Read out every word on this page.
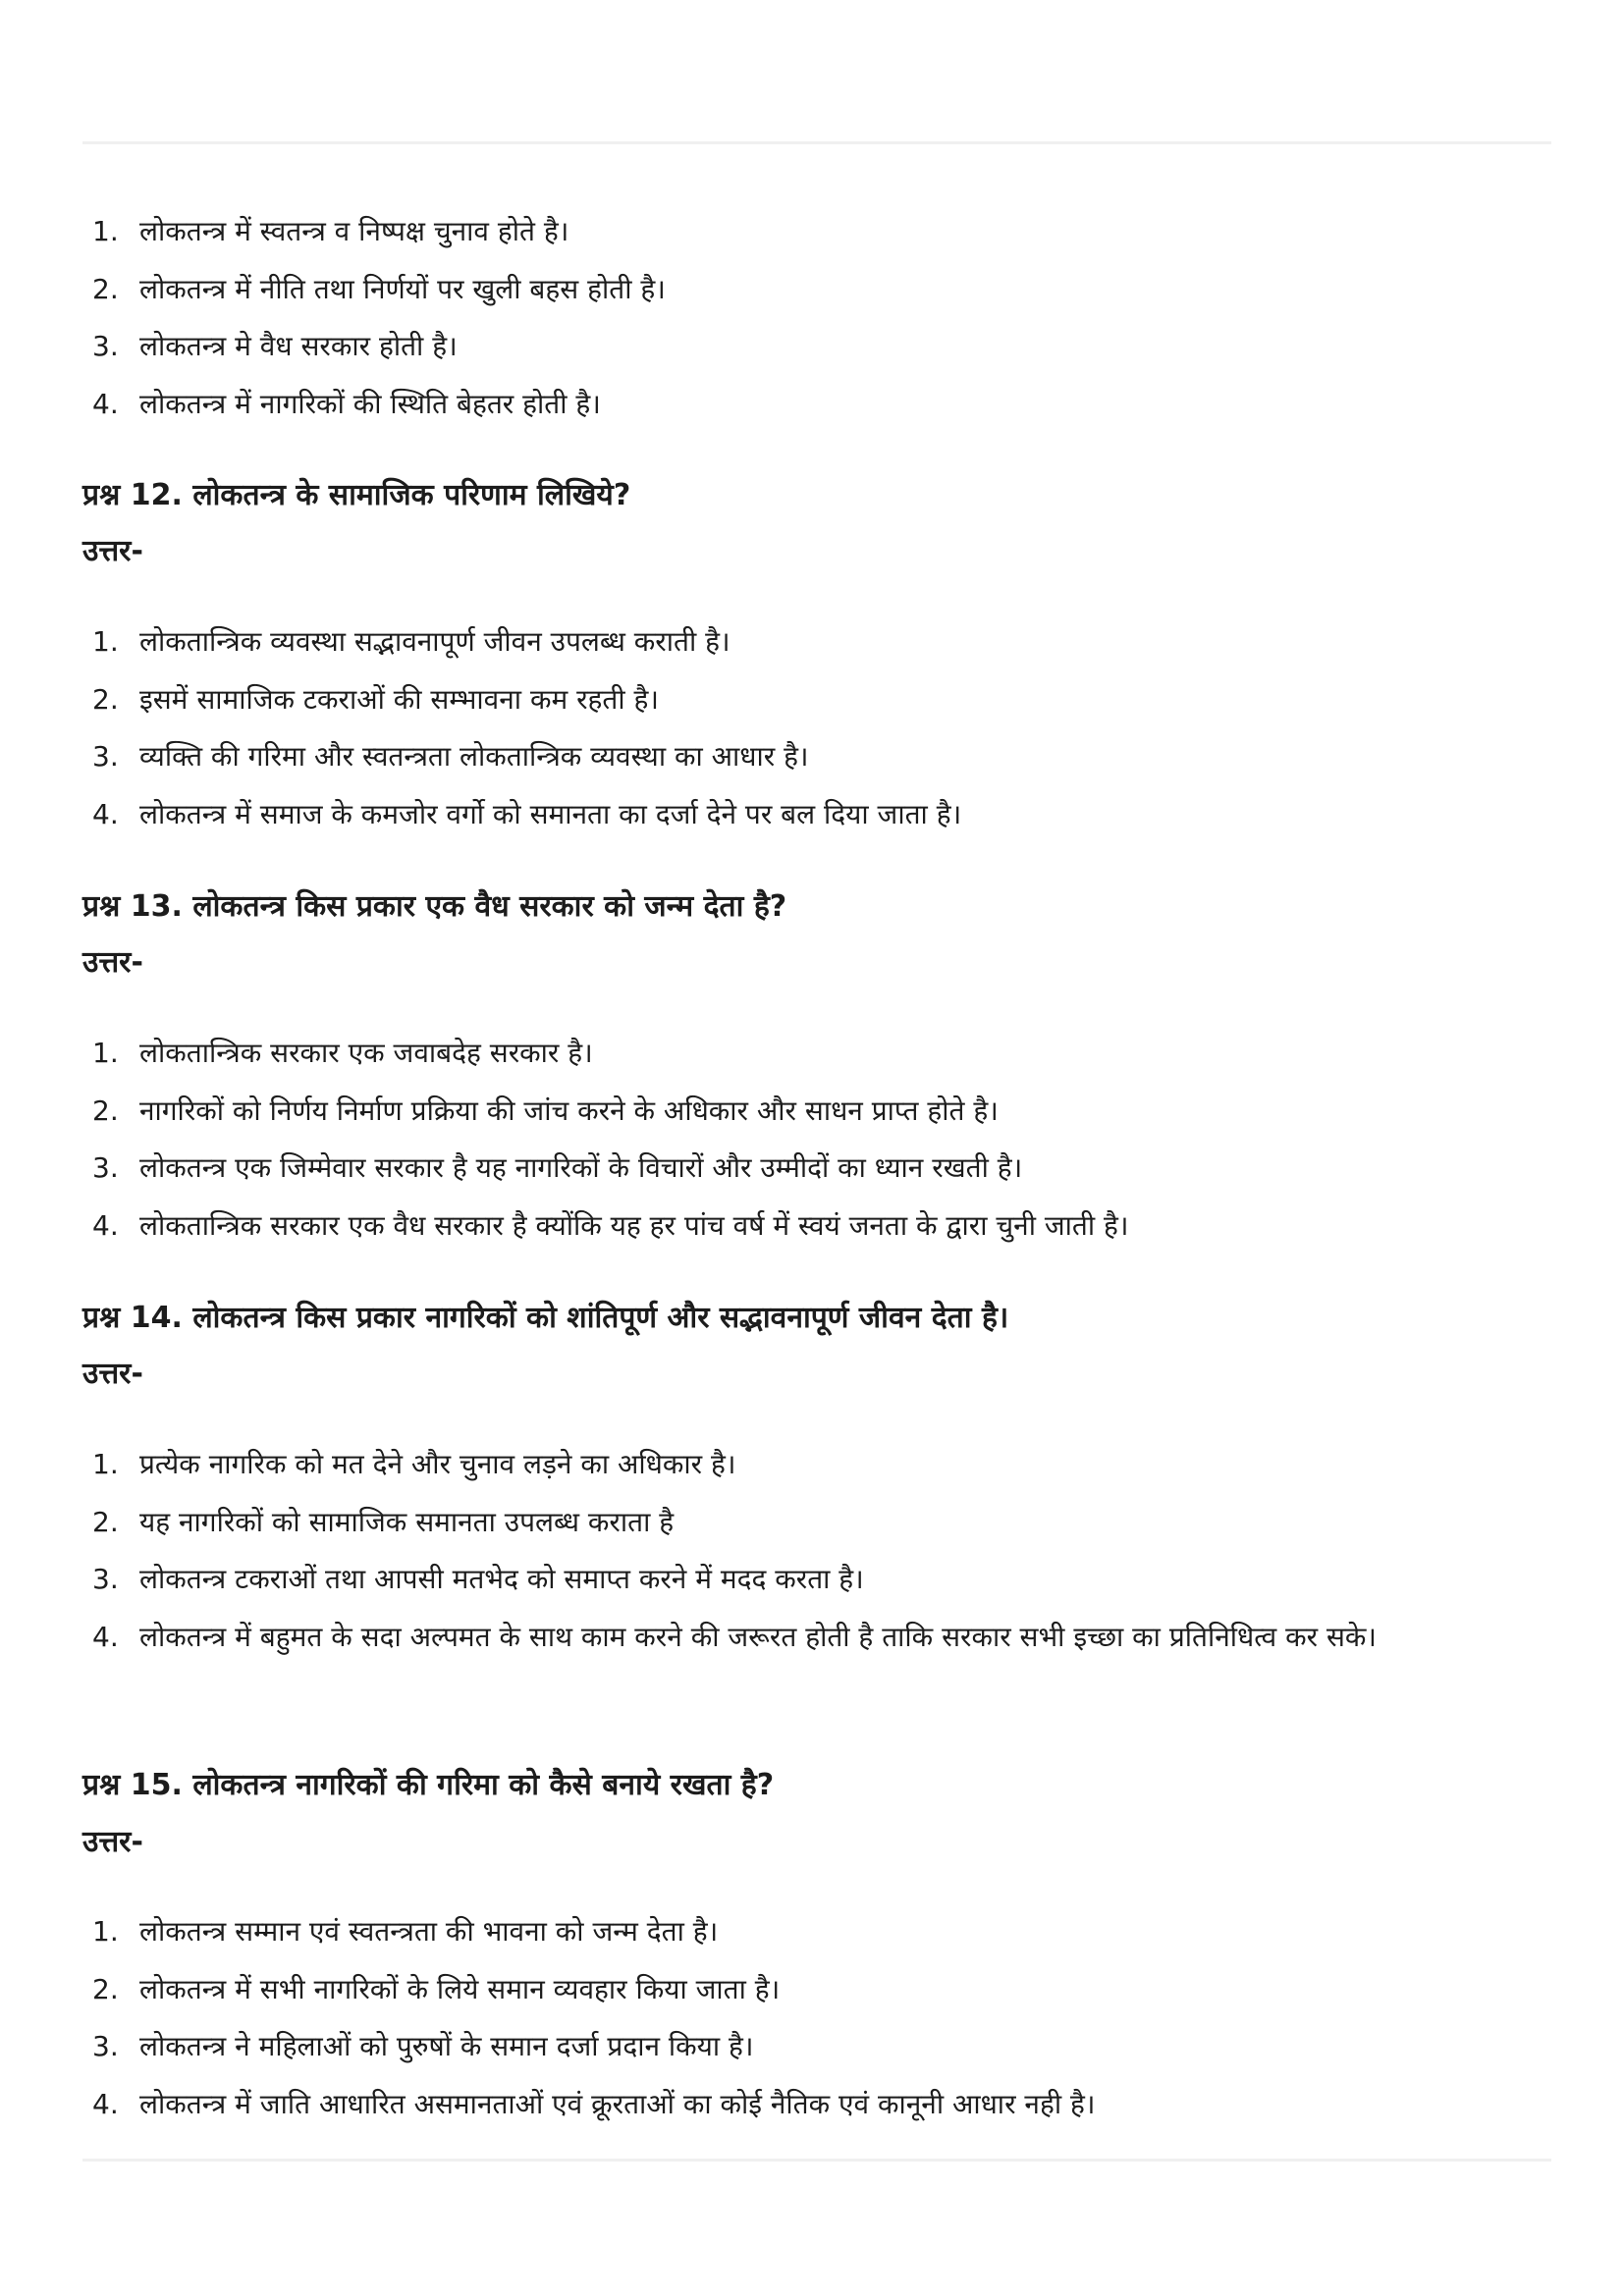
1. लोकतन्त्र में स्वतन्त्र व निष्पक्ष चुनाव होते है।
2. लोकतन्त्र में नीति तथा निर्णयों पर खुली बहस होती है।
3. लोकतन्त्र मे वैध सरकार होती है।
4. लोकतन्त्र में नागरिकों की स्थिति बेहतर होती है।
प्रश्न 12. लोकतन्त्र के सामाजिक परिणाम लिखिये?
उत्तर-
1. लोकतान्त्रिक व्यवस्था सद्भावनापूर्ण जीवन उपलब्ध कराती है।
2. इसमें सामाजिक टकराओं की सम्भावना कम रहती है।
3. व्यक्ति की गरिमा और स्वतन्त्रता लोकतान्त्रिक व्यवस्था का आधार है।
4. लोकतन्त्र में समाज के कमजोर वर्गो को समानता का दर्जा देने पर बल दिया जाता है।
प्रश्न 13. लोकतन्त्र किस प्रकार एक वैध सरकार को जन्म देता है?
उत्तर-
1. लोकतान्त्रिक सरकार एक जवाबदेह सरकार है।
2. नागरिकों को निर्णय निर्माण प्रक्रिया की जांच करने के अधिकार और साधन प्राप्त होते है।
3. लोकतन्त्र एक जिम्मेवार सरकार है यह नागरिकों के विचारों और उम्मीदों का ध्यान रखती है।
4. लोकतान्त्रिक सरकार एक वैध सरकार है क्योंकि यह हर पांच वर्ष में स्वयं जनता के द्वारा चुनी जाती है।
प्रश्न 14. लोकतन्त्र किस प्रकार नागरिकों को शांतिपूर्ण और सद्भावनापूर्ण जीवन देता है।
उत्तर-
1. प्रत्येक नागरिक को मत देने और चुनाव लड़ने का अधिकार है।
2. यह नागरिकों को सामाजिक समानता उपलब्ध कराता है
3. लोकतन्त्र टकराओं तथा आपसी मतभेद को समाप्त करने में मदद करता है।
4. लोकतन्त्र में बहुमत के सदा अल्पमत के साथ काम करने की जरूरत होती है ताकि सरकार सभी इच्छा का प्रतिनिधित्व कर सके।
प्रश्न 15. लोकतन्त्र नागरिकों की गरिमा को कैसे बनाये रखता है?
उत्तर-
1. लोकतन्त्र सम्मान एवं स्वतन्त्रता की भावना को जन्म देता है।
2. लोकतन्त्र में सभी नागरिकों के लिये समान व्यवहार किया जाता है।
3. लोकतन्त्र ने महिलाओं को पुरुषों के समान दर्जा प्रदान किया है।
4. लोकतन्त्र में जाति आधारित असमानताओं एवं क्रूरताओं का कोई नैतिक एवं कानूनी आधार नही है।
